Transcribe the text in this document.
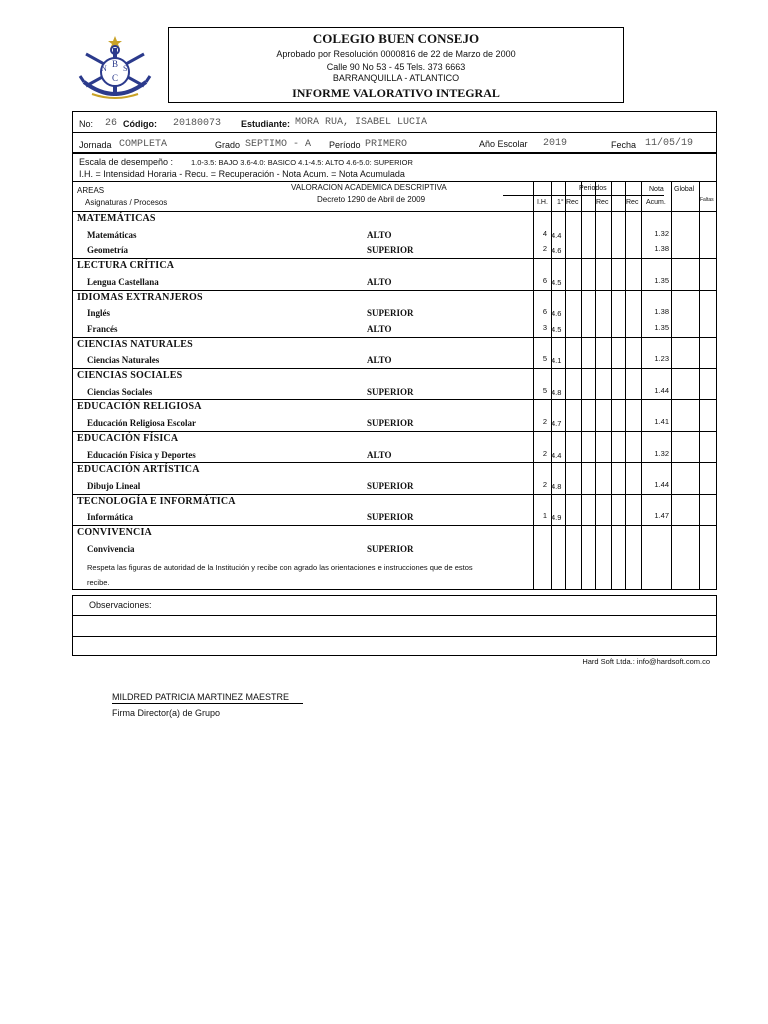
N B S
C
COLEGIO BUEN CONSEJO
Aprobado por Resolución 0000816 de 22 de Marzo de 2000
Calle 90 No 53 - 45 Tels. 373 6663
BARRANQUILLA - ATLANTICO
INFORME VALORATIVO INTEGRAL
No: 26 Código: 20180073 Estudiante: MORA RUA, ISABEL LUCIA
Jornada COMPLETA	Grado SEPTIMO - A Período PRIMERO	Año Escolar 2019	Fecha 11/05/19
Escala de desempeño : 1.0-3.5: BAJO 3.6-4.0: BASICO 4.1-4.5: ALTO 4.6-5.0: SUPERIOR
I.H. = Intensidad Horaria - Recu. = Recuperación - Nota Acum. = Nota Acumulada
AREAS
Asignaturas / Procesos
VALORACION ACADEMICA DESCRIPTIVA
Decreto 1290 de Abril de 2009	I.H.
Periodos
1° Rec	Rec	Rec
Nota
Acum.
Global
Faltas
Respeta las figuras de autoridad de la Institución y recibe con agrado las orientaciones e instrucciones que de estos
recibe.
MATEMÁTICAS
Matemáticas	ALTO	4 4.4	1.32
Geometría	SUPERIOR	2 4.6	1.38
LECTURA CRÍTICA
Lengua Castellana	ALTO	6 4.5	1.35
IDIOMAS EXTRANJEROS
Inglés	SUPERIOR	6 4.6	1.38
Francés	ALTO	3 4.5	1.35
CIENCIAS NATURALES
Ciencias Naturales	ALTO	5 4.1	1.23
CIENCIAS SOCIALES
Ciencias Sociales	SUPERIOR	5 4.8	1.44
EDUCACIÓN RELIGIOSA
Educación Religiosa Escolar	SUPERIOR	2 4.7	1.41
EDUCACIÓN FÍSICA
Educación Física y Deportes	ALTO	2 4.4	1.32
EDUCACIÓN ARTÍSTICA
Dibujo Lineal	SUPERIOR	2 4.8	1.44
TECNOLOGÍA E INFORMÁTICA
Informática	SUPERIOR	1 4.9	1.47
CONVIVENCIA
Convivencia	SUPERIOR
Observaciones:
Hard Soft Ltda.: info@hardsoft.com.co
MILDRED PATRICIA MARTINEZ MAESTRE
Firma Director(a) de Grupo
